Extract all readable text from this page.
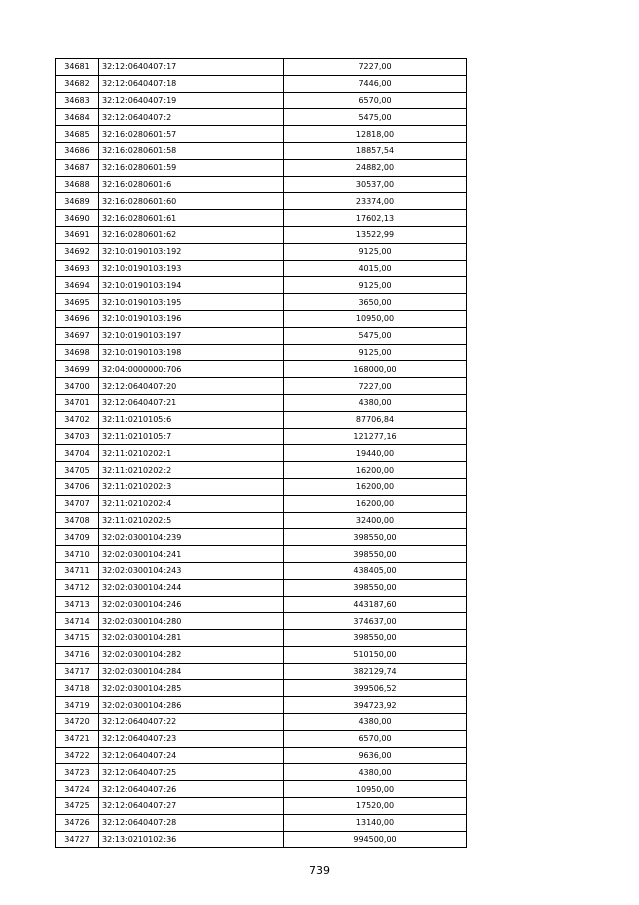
34681	32:12:0640407:17	7227,00
34682	32:12:0640407:18	7446,00
34683	32:12:0640407:19	6570,00
34684	32:12:0640407:2	5475,00
34685	32:16:0280601:57	12818,00
34686	32:16:0280601:58	18857,54
34687	32:16:0280601:59	24882,00
34688	32:16:0280601:6	30537,00
34689	32:16:0280601:60	23374,00
34690	32:16:0280601:61	17602,13
34691	32:16:0280601:62	13522,99
34692	32:10:0190103:192	9125,00
34693	32:10:0190103:193	4015,00
34694	32:10:0190103:194	9125,00
34695	32:10:0190103:195	3650,00
34696	32:10:0190103:196	10950,00
34697	32:10:0190103:197	5475,00
34698	32:10:0190103:198	9125,00
34699	32:04:0000000:706	168000,00
34700	32:12:0640407:20	7227,00
34701	32:12:0640407:21	4380,00
34702	32:11:0210105:6	87706,84
34703	32:11:0210105:7	121277,16
34704	32:11:0210202:1	19440,00
34705	32:11:0210202:2	16200,00
34706	32:11:0210202:3	16200,00
34707	32:11:0210202:4	16200,00
34708	32:11:0210202:5	32400,00
34709	32:02:0300104:239	398550,00
34710	32:02:0300104:241	398550,00
34711	32:02:0300104:243	438405,00
34712	32:02:0300104:244	398550,00
34713	32:02:0300104:246	443187,60
34714	32:02:0300104:280	374637,00
34715	32:02:0300104:281	398550,00
34716	32:02:0300104:282	510150,00
34717	32:02:0300104:284	382129,74
34718	32:02:0300104:285	399506,52
34719	32:02:0300104:286	394723,92
34720	32:12:0640407:22	4380,00
34721	32:12:0640407:23	6570,00
34722	32:12:0640407:24	9636,00
34723	32:12:0640407:25	4380,00
34724	32:12:0640407:26	10950,00
34725	32:12:0640407:27	17520,00
34726	32:12:0640407:28	13140,00
34727	32:13:0210102:36	994500,00
739
